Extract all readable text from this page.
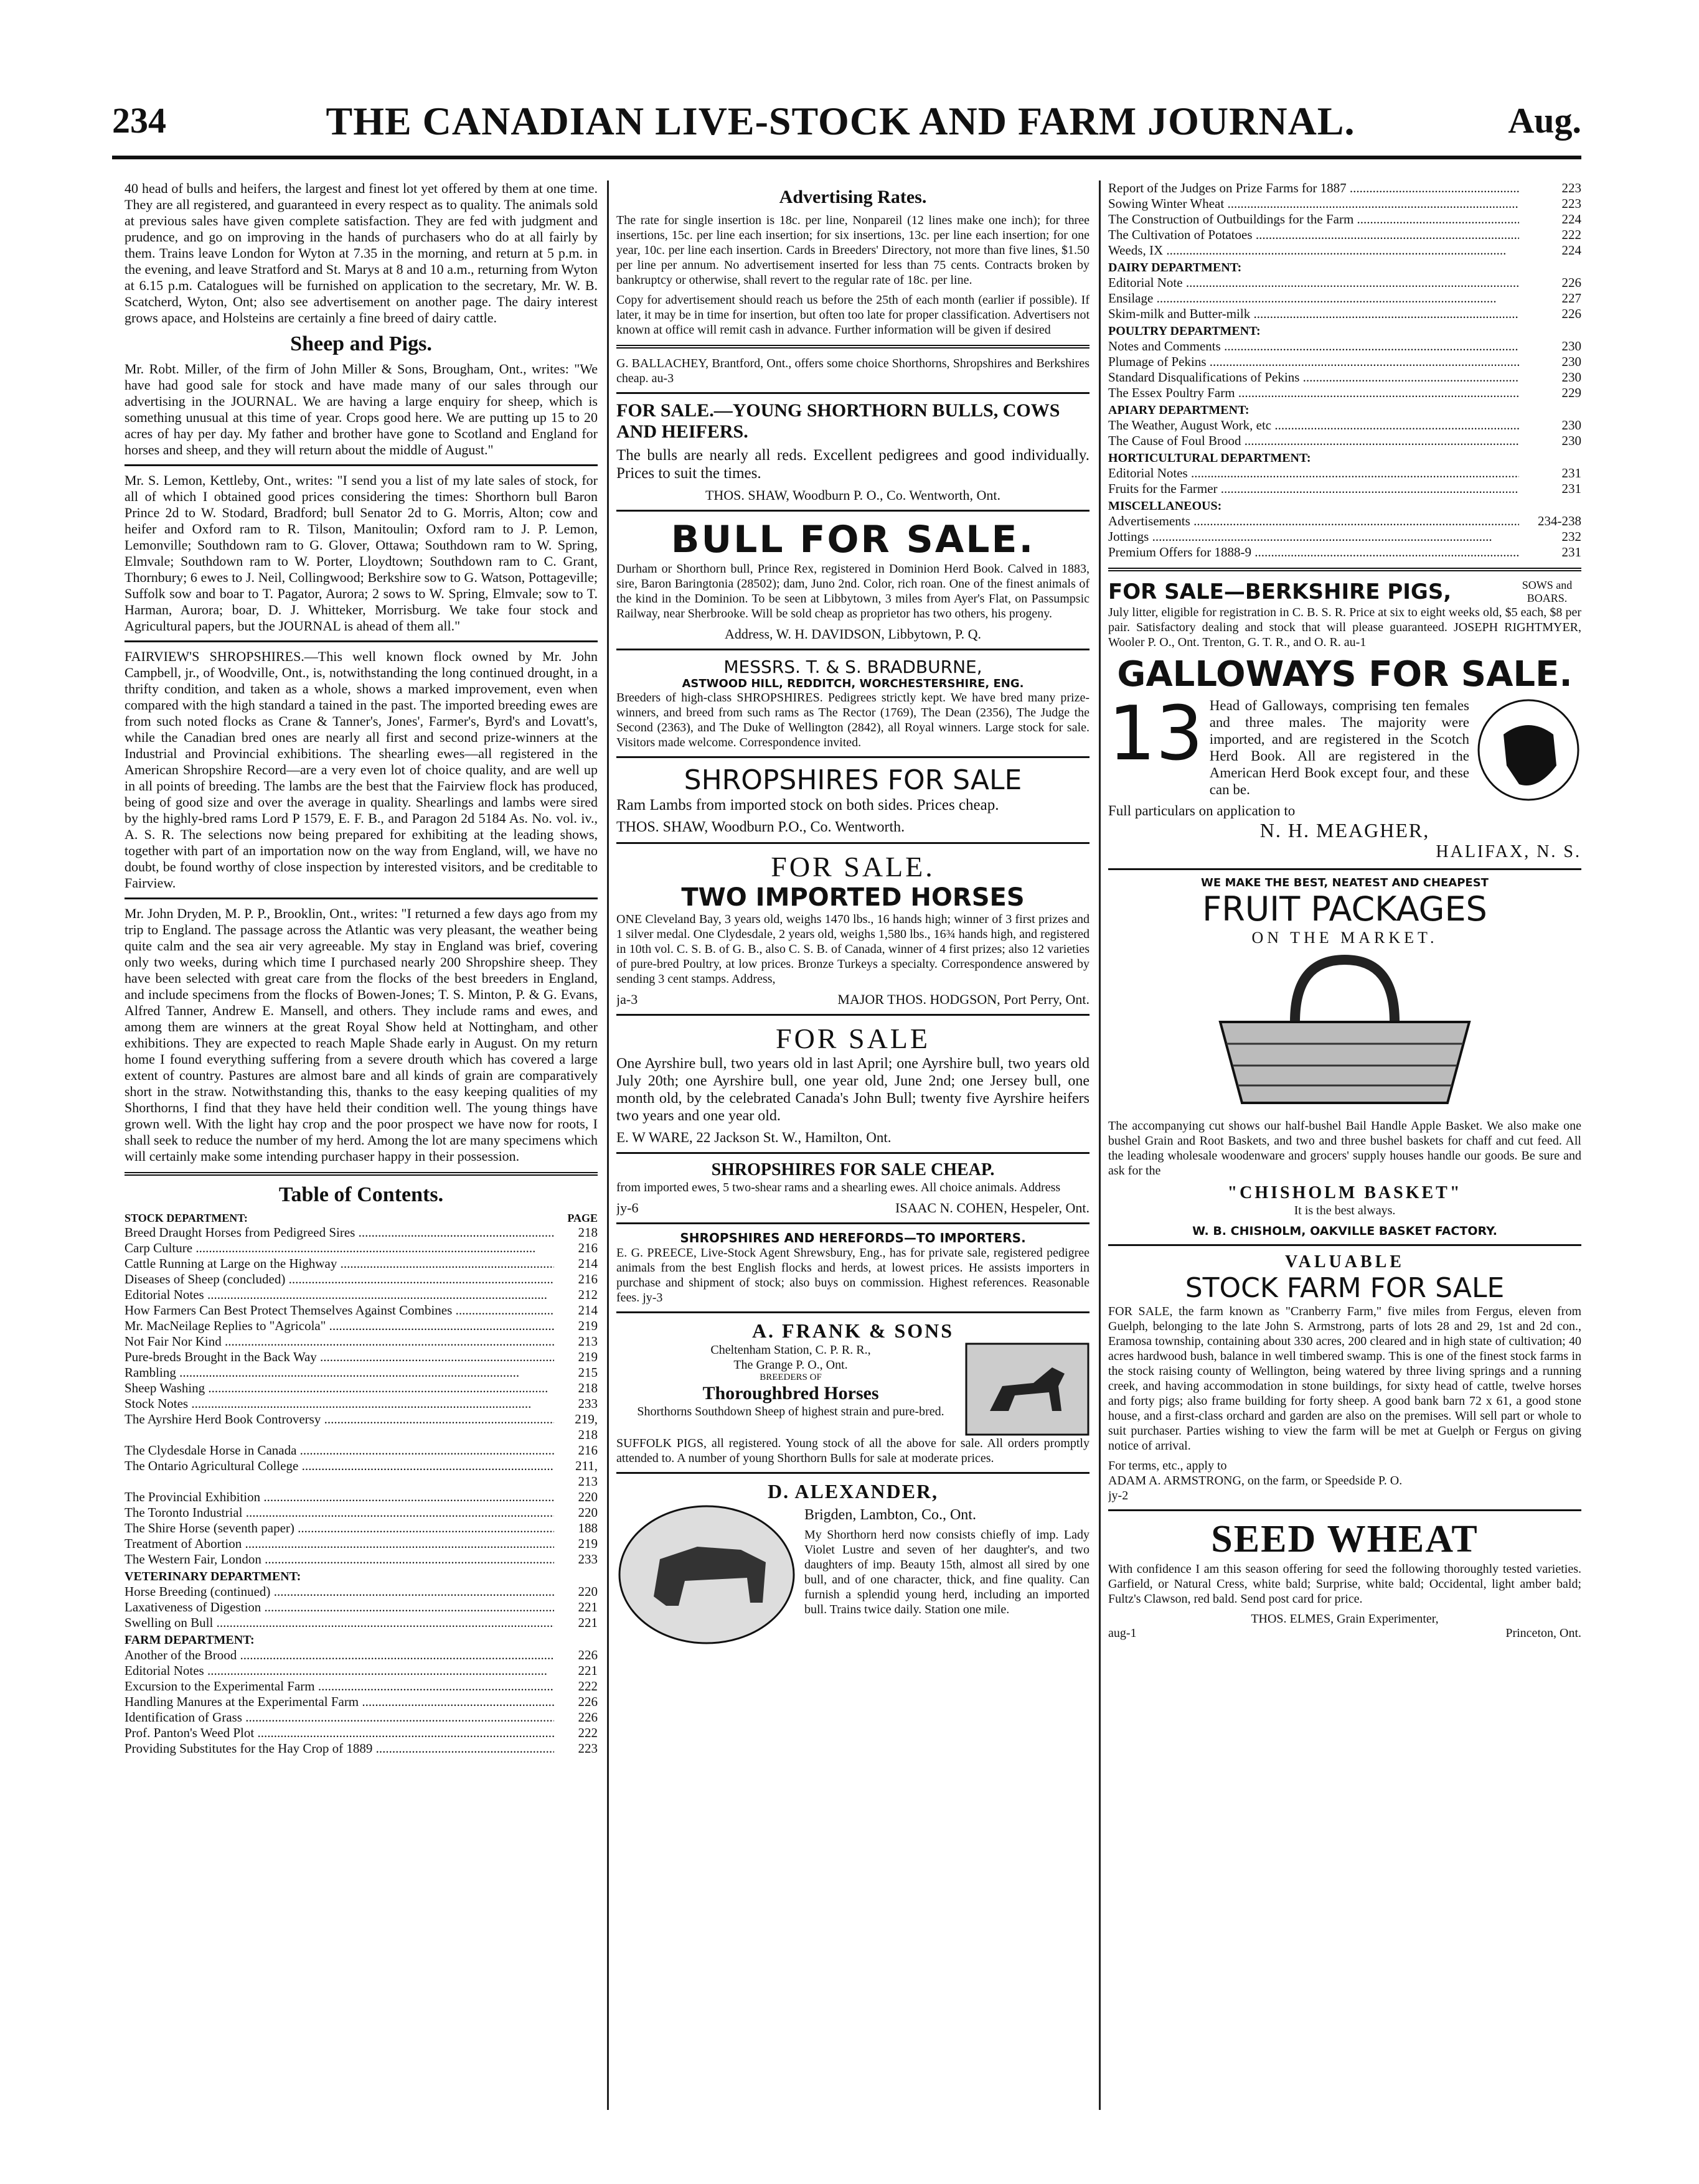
234	THE CANADIAN LIVE-STOCK AND FARM JOURNAL.	Aug.

40 head of bulls and heifers, the largest and finest lot yet offered by them at one time. They are all registered, and guaranteed in every respect as to quality. The animals sold at previous sales have given complete satisfaction. They are fed with judgment and prudence, and go on improving in the hands of purchasers who do at all fairly by them. Trains leave London for Wyton at 7.35 in the morning, and return at 5 p.m. in the evening, and leave Stratford and St. Marys at 8 and 10 a.m., returning from Wyton at 6.15 p.m. Catalogues will be furnished on application to the secretary, Mr. W. B. Scatcherd, Wyton, Ont; also see advertisement on another page. The dairy interest grows apace, and Holsteins are certainly a fine breed of dairy cattle.

Sheep and Pigs.

Mr. Robt. Miller, of the firm of John Miller & Sons, Brougham, Ont., writes: "We have had good sale for stock and have made many of our sales through our advertising in the JOURNAL. We are having a large enquiry for sheep, which is something unusual at this time of year. Crops good here. We are putting up 15 to 20 acres of hay per day. My father and brother have gone to Scotland and England for horses and sheep, and they will return about the middle of August."

Mr. S. Lemon, Kettleby, Ont., writes: "I send you a list of my late sales of stock, for all of which I obtained good prices considering the times: Shorthorn bull Baron Prince 2d to W. Stodard, Bradford; bull Senator 2d to G. Morris, Alton; cow and heifer and Oxford ram to R. Tilson, Manitoulin; Oxford ram to J. P. Lemon, Lemonville; Southdown ram to G. Glover, Ottawa; Southdown ram to W. Spring, Elmvale; Southdown ram to W. Porter, Lloydtown; Southdown ram to C. Grant, Thornbury; 6 ewes to J. Neil, Collingwood; Berkshire sow to G. Watson, Pottageville; Suffolk sow and boar to T. Pagator, Aurora; 2 sows to W. Spring, Elmvale; sow to T. Harman, Aurora; boar, D. J. Whitteker, Morrisburg. We take four stock and Agricultural papers, but the JOURNAL is ahead of them all."

FAIRVIEW'S SHROPSHIRES.—This well known flock owned by Mr. John Campbell, jr., of Woodville, Ont., is, notwithstanding the long continued drought, in a thrifty condition, and taken as a whole, shows a marked improvement, even when compared with the high standard a tained in the past. The imported breeding ewes are from such noted flocks as Crane & Tanner's, Jones', Farmer's, Byrd's and Lovatt's, while the Canadian bred ones are nearly all first and second prize-winners at the Industrial and Provincial exhibitions. The shearling ewes—all registered in the American Shropshire Record—are a very even lot of choice quality, and are well up in all points of breeding. The lambs are the best that the Fairview flock has produced, being of good size and over the average in quality. Shearlings and lambs were sired by the highly-bred rams Lord P 1579, E. F. B., and Paragon 2d 5184 As. No. vol. iv., A. S. R. The selections now being prepared for exhibiting at the leading shows, together with part of an importation now on the way from England, will, we have no doubt, be found worthy of close inspection by interested visitors, and be creditable to Fairview.

Mr. John Dryden, M. P. P., Brooklin, Ont., writes: "I returned a few days ago from my trip to England. The passage across the Atlantic was very pleasant, the weather being quite calm and the sea air very agreeable. My stay in England was brief, covering only two weeks, during which time I purchased nearly 200 Shropshire sheep. They have been selected with great care from the flocks of the best breeders in England, and include specimens from the flocks of Bowen-Jones; T. S. Minton, P. & G. Evans, Alfred Tanner, Andrew E. Mansell, and others. They include rams and ewes, and among them are winners at the great Royal Show held at Nottingham, and other exhibitions. They are expected to reach Maple Shade early in August. On my return home I found everything suffering from a severe drouth which has covered a large extent of country. Pastures are almost bare and all kinds of grain are comparatively short in the straw. Notwithstanding this, thanks to the easy keeping qualities of my Shorthorns, I find that they have held their condition well. The young things have grown well. With the light hay crop and the poor prospect we have now for roots, I shall seek to reduce the number of my herd. Among the lot are many specimens which will certainly make some intending purchaser happy in their possession.

Table of Contents.
STOCK DEPARTMENT:	PAGE
Breed Draught Horses from Pedigreed Sires .....	218
Carp Culture .....	216
Cattle Running at Large on the Highway .....	214
Diseases of Sheep (concluded) .....	216
Editorial Notes .....	212
How Farmers Can Best Protect Themselves Against Combines .....	214
Mr. MacNeilage Replies to "Agricola" .....	219
Not Fair Nor Kind .....	213
Pure-breds Brought in the Back Way .....	219
Rambling .....	215
Sheep Washing .....	218
Stock Notes .....	233
The Ayrshire Herd Book Controversy .....	219, 218
The Clydesdale Horse in Canada .....	216
The Ontario Agricultural College .....	211, 213
The Provincial Exhibition .....	220
The Toronto Industrial .....	220
The Shire Horse (seventh paper) .....	188
Treatment of Abortion .....	219
The Western Fair, London .....	233
VETERINARY DEPARTMENT:
Horse Breeding (continued) .....	220
Laxativeness of Digestion .....	221
Swelling on Bull .....	221
FARM DEPARTMENT:
Another of the Brood .....	226
Editorial Notes .....	221
Excursion to the Experimental Farm .....	222
Handling Manures at the Experimental Farm .....	226
Identification of Grass .....	226
Prof. Panton's Weed Plot .....	222
Providing Substitutes for the Hay Crop of 1889 .....	223
Advertising Rates.

The rate for single insertion is 18c. per line, Nonpareil (12 lines make one inch); for three insertions, 15c. per line each insertion; for six insertions, 13c. per line each insertion; for one year, 10c. per line each insertion. Cards in Breeders' Directory, not more than five lines, $1.50 per line per annum. No advertisement inserted for less than 75 cents. Contracts broken by bankruptcy or otherwise, shall revert to the regular rate of 18c. per line.

Copy for advertisement should reach us before the 25th of each month (earlier if possible). If later, it may be in time for insertion, but often too late for proper classification. Advertisers not known at office will remit cash in advance. Further information will be given if desired

G. BALLACHEY, Brantford, Ont., offers some choice Shorthorns, Shropshires and Berkshires cheap. au-3

FOR SALE.—YOUNG SHORTHORN BULLS, COWS AND HEIFERS.

The bulls are nearly all reds. Excellent pedigrees and good individually. Prices to suit the times.

THOS. SHAW, Woodburn P. O., Co. Wentworth, Ont.
BULL FOR SALE.

Durham or Shorthorn bull, Prince Rex, registered in Dominion Herd Book. Calved in 1883, sire, Baron Baringtonia (28502); dam, Juno 2nd. Color, rich roan. One of the finest animals of the kind in the Dominion. To be seen at Libbytown, 3 miles from Ayer's Flat, on Passumpsic Railway, near Sherbrooke. Will be sold cheap as proprietor has two others, his progeny.

Address, W. H. DAVIDSON, Libbytown, P. Q.
MESSRS. T. & S. BRADBURNE,
ASTWOOD HILL, REDDITCH, WORCHESTERSHIRE, ENG.

Breeders of high-class SHROPSHIRES. Pedigrees strictly kept. We have bred many prize-winners, and breed from such rams as The Rector (1769), The Dean (2356), The Judge the Second (2363), and The Duke of Wellington (2842), all Royal winners. Large stock for sale. Visitors made welcome. Correspondence invited.

SHROPSHIRES FOR SALE

Ram Lambs from imported stock on both sides. Prices cheap.

THOS. SHAW, Woodburn P.O., Co. Wentworth.
FOR SALE.
TWO IMPORTED HORSES

ONE Cleveland Bay, 3 years old, weighs 1470 lbs., 16 hands high; winner of 3 first prizes and 1 silver medal. One Clydesdale, 2 years old, weighs 1,580 lbs., 16¾ hands high, and registered in 10th vol. C. S. B. of G. B., also C. S. B. of Canada, winner of 4 first prizes; also 12 varieties of pure-bred Poultry, at low prices. Bronze Turkeys a specialty. Correspondence answered by sending 3 cent stamps. Address,

ja-3	MAJOR THOS. HODGSON, Port Perry, Ont.
FOR SALE

One Ayrshire bull, two years old in last April; one Ayrshire bull, two years old July 20th; one Ayrshire bull, one year old, June 2nd; one Jersey bull, one month old, by the celebrated Canada's John Bull; twenty five Ayrshire heifers two years and one year old.

E. W WARE, 22 Jackson St. W., Hamilton, Ont.
SHROPSHIRES FOR SALE CHEAP.

from imported ewes, 5 two-shear rams and a shearling ewes. All choice animals. Address

jy-6	ISAAC N. COHEN, Hespeler, Ont.
SHROPSHIRES AND HEREFORDS—TO IMPORTERS.

E. G. PREECE, Live-Stock Agent Shrewsbury, Eng., has for private sale, registered pedigree animals from the best English flocks and herds, at lowest prices. He assists importers in purchase and shipment of stock; also buys on commission. Highest references. Reasonable fees. jy-3

A. FRANK & SONS
Cheltenham Station, C. P. R. R.,
The Grange P. O., Ont.
BREEDERS OF
Thoroughbred Horses
Shorthorns Southdown Sheep of highest strain and pure-bred.

SUFFOLK PIGS, all registered. Young stock of all the above for sale. All orders promptly attended to. A number of young Shorthorn Bulls for sale at moderate prices.

D. ALEXANDER,
Brigden, Lambton, Co., Ont.

My Shorthorn herd now consists chiefly of imp. Lady Violet Lustre and seven of her daughter's, and two daughters of imp. Beauty 15th, almost all sired by one bull, and of one character, thick, and fine quality. Can furnish a splendid young herd, including an imported bull. Trains twice daily. Station one mile.

Report of the Judges on Prize Farms for 1887 .....	223
Sowing Winter Wheat .....	223
The Construction of Outbuildings for the Farm .....	224
The Cultivation of Potatoes .....	222
Weeds, IX .....	224
DAIRY DEPARTMENT:
Editorial Note .....	226
Ensilage .....	227
Skim-milk and Butter-milk .....	226
POULTRY DEPARTMENT:
Notes and Comments .....	230
Plumage of Pekins .....	230
Standard Disqualifications of Pekins .....	230
The Essex Poultry Farm .....	229
APIARY DEPARTMENT:
The Weather, August Work, etc .....	230
The Cause of Foul Brood .....	230
HORTICULTURAL DEPARTMENT:
Editorial Notes .....	231
Fruits for the Farmer .....	231
MISCELLANEOUS:
Advertisements .....	234-238
Jottings .....	232
Premium Offers for 1888-9 .....	231
FOR SALE—BERKSHIRE PIGS,	SOWS and BOARS.

July litter, eligible for registration in C. B. S. R. Price at six to eight weeks old, $5 each, $8 per pair. Satisfactory dealing and stock that will please guaranteed. JOSEPH RIGHTMYER, Wooler P. O., Ont. Trenton, G. T. R., and O. R. au-1

GALLOWAYS FOR SALE.
13 Head of Galloways, comprising ten females and three males. The majority were imported, and are registered in the Scotch Herd Book. All are registered in the American Herd Book except four, and these can be.

Full particulars on application to
N. H. MEAGHER,
HALIFAX, N. S.
WE MAKE THE BEST, NEATEST AND CHEAPEST
FRUIT PACKAGES
ON THE MARKET.

The accompanying cut shows our half-bushel Bail Handle Apple Basket. We also make one bushel Grain and Root Baskets, and two and three bushel baskets for chaff and cut feed. All the leading wholesale woodenware and grocers' supply houses handle our goods. Be sure and ask for the

"CHISHOLM BASKET"
It is the best always.
W. B. CHISHOLM, OAKVILLE BASKET FACTORY.
VALUABLE
STOCK FARM FOR SALE

FOR SALE, the farm known as "Cranberry Farm," five miles from Fergus, eleven from Guelph, belonging to the late John S. Armstrong, parts of lots 28 and 29, 1st and 2d con., Eramosa township, containing about 330 acres, 200 cleared and in high state of cultivation; 40 acres hardwood bush, balance in well timbered swamp. This is one of the finest stock farms in the stock raising county of Wellington, being watered by three living springs and a running creek, and having accommodation in stone buildings, for sixty head of cattle, twelve horses and forty pigs; also frame building for forty sheep. A good bank barn 72 x 61, a good stone house, and a first-class orchard and garden are also on the premises. Will sell part or whole to suit purchaser. Parties wishing to view the farm will be met at Guelph or Fergus on giving notice of arrival.

For terms, etc., apply to
ADAM A. ARMSTRONG, on the farm, or Speedside P. O.
jy-2
SEED WHEAT

With confidence I am this season offering for seed the following thoroughly tested varieties. Garfield, or Natural Cress, white bald; Surprise, white bald; Occidental, light amber bald; Fultz's Clawson, red bald. Send post card for price.

THOS. ELMES, Grain Experimenter,
aug-1	Princeton, Ont.
